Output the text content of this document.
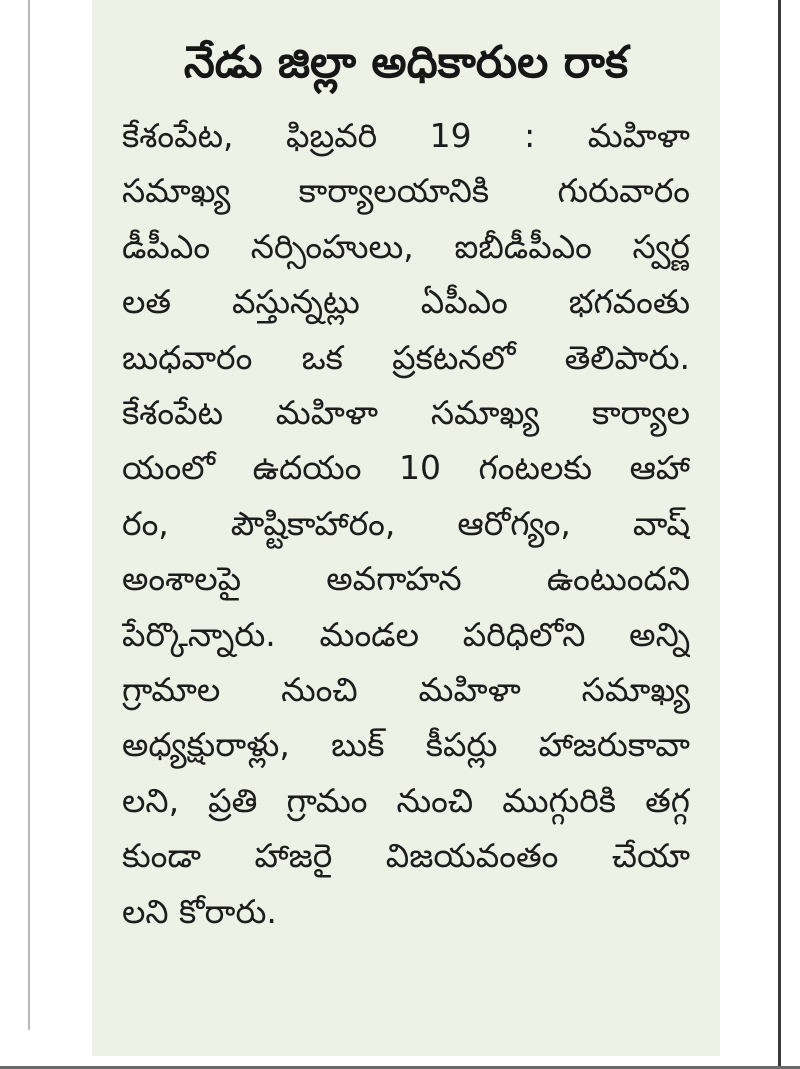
నేడు జిల్లా అధికారుల రాక
కేశంపేట, ఫిబ్రవరి 19 : మహిళా
సమాఖ్య కార్యాలయానికి గురువారం
డీపీఎం నర్సింహులు, ఐబీడీపీఎం స్వర్ణ
లత వస్తున్నట్లు ఏపీఎం భగవంతు
బుధవారం ఒక ప్రకటనలో తెలిపారు.
కేశంపేట మహిళా సమాఖ్య కార్యాల
యంలో ఉదయం 10 గంటలకు ఆహా
రం, పౌష్టికాహారం, ఆరోగ్యం, వాష్
అంశాలపై అవగాహన ఉంటుందని
పేర్కొన్నారు. మండల పరిధిలోని అన్ని
గ్రామాల నుంచి మహిళా సమాఖ్య
అధ్యక్షురాళ్లు, బుక్ కీపర్లు హాజరుకావా
లని, ప్రతి గ్రామం నుంచి ముగ్గురికి తగ్గ
కుండా హాజరై విజయవంతం చేయా
లని కోరారు.
